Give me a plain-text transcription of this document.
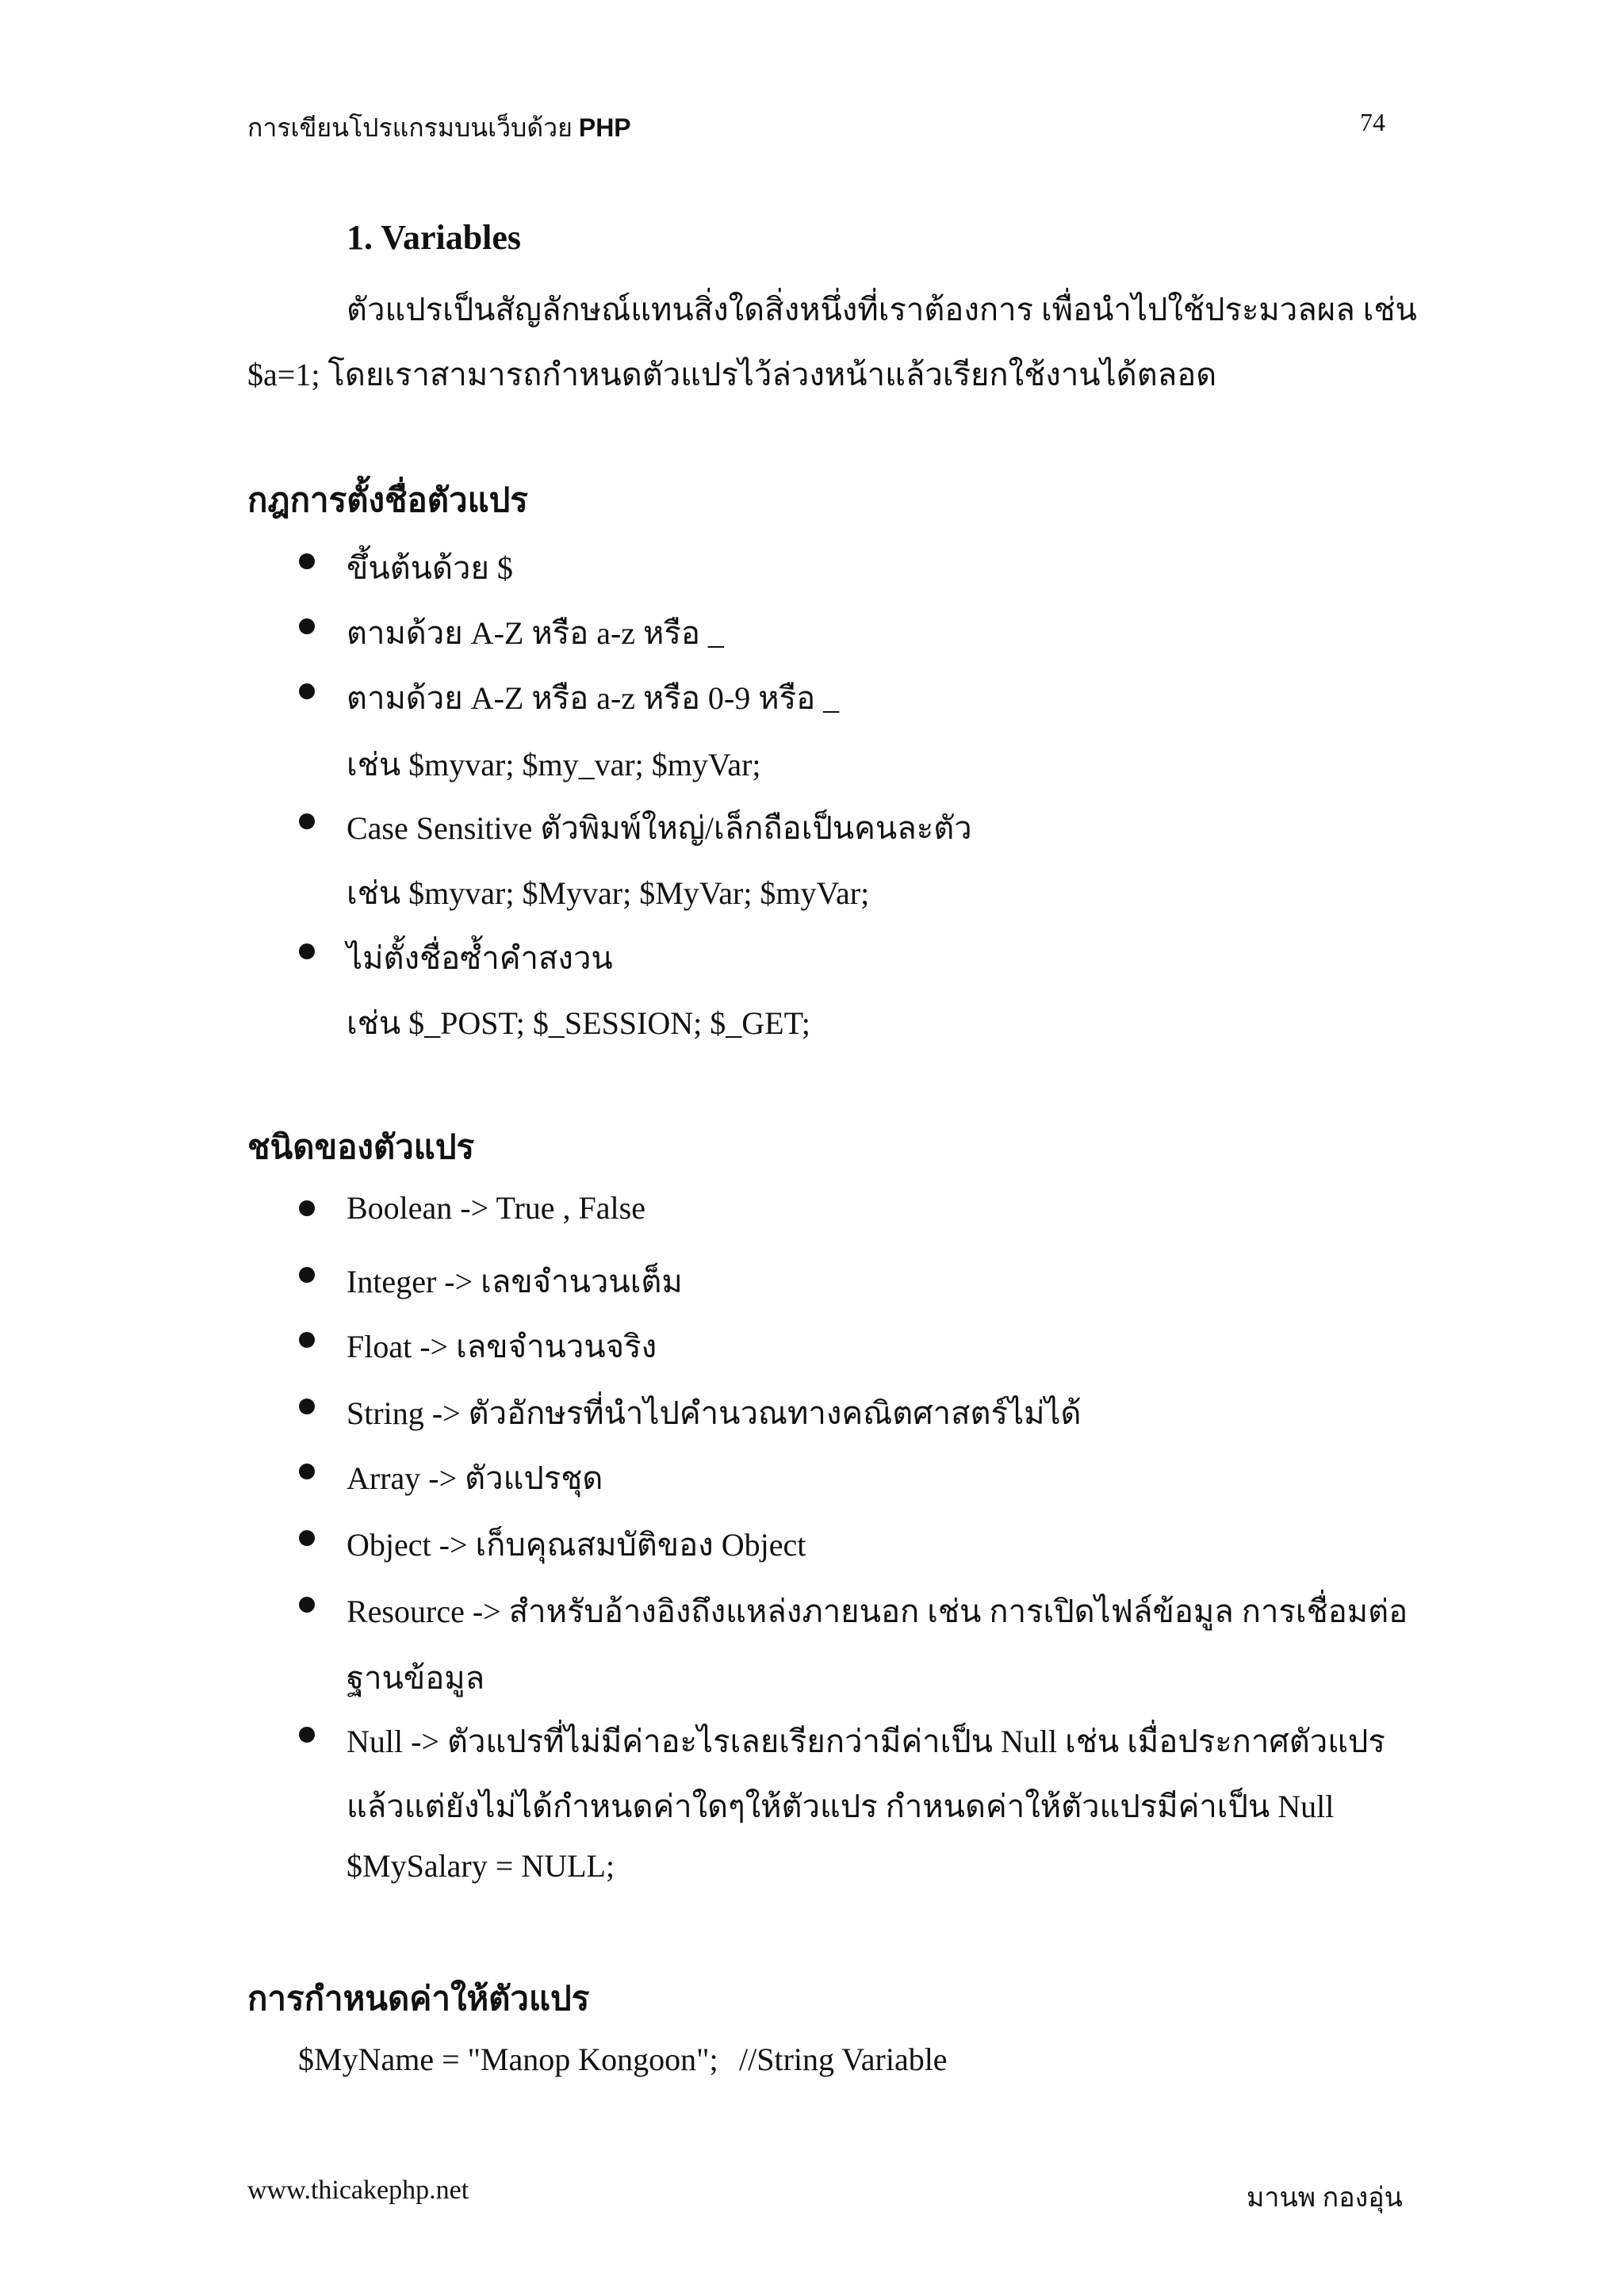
การเขียนโปรแกรมบนเว็บด้วย PHP	74
1. Variables
ตัวแปรเป็นสัญลักษณ์แทนสิ่งใดสิ่งหนึ่งที่เราต้องการ เพื่อนำไปใช้ประมวลผล เช่น
$a=1; โดยเราสามารถกำหนดตัวแปรไว้ล่วงหน้าแล้วเรียกใช้งานได้ตลอด
กฎการตั้งชื่อตัวแปร
ขึ้นต้นด้วย $
ตามด้วย A-Z หรือ a-z หรือ _
ตามด้วย A-Z หรือ a-z หรือ 0-9 หรือ _
เช่น $myvar; $my_var; $myVar;
Case Sensitive ตัวพิมพ์ใหญ่/เล็กถือเป็นคนละตัว
เช่น $myvar; $Myvar; $MyVar; $myVar;
ไม่ตั้งชื่อซ้ำคำสงวน
เช่น $_POST; $_SESSION; $_GET;
ชนิดของตัวแปร
Boolean -> True , False
Integer -> เลขจำนวนเต็ม
Float -> เลขจำนวนจริง
String -> ตัวอักษรที่นำไปคำนวณทางคณิตศาสตร์ไม่ได้
Array -> ตัวแปรชุด
Object -> เก็บคุณสมบัติของ Object
Resource -> สำหรับอ้างอิงถึงแหล่งภายนอก เช่น การเปิดไฟล์ข้อมูล การเชื่อมต่อ
ฐานข้อมูล
Null -> ตัวแปรที่ไม่มีค่าอะไรเลยเรียกว่ามีค่าเป็น Null เช่น เมื่อประกาศตัวแปร
แล้วแต่ยังไม่ได้กำหนดค่าใดๆให้ตัวแปร กำหนดค่าให้ตัวแปรมีค่าเป็น Null
$MySalary = NULL;
การกำหนดค่าให้ตัวแปร
$MyName = "Manop Kongoon"; //String Variable
www.thicakephp.net	มานพ กองอุ่น
